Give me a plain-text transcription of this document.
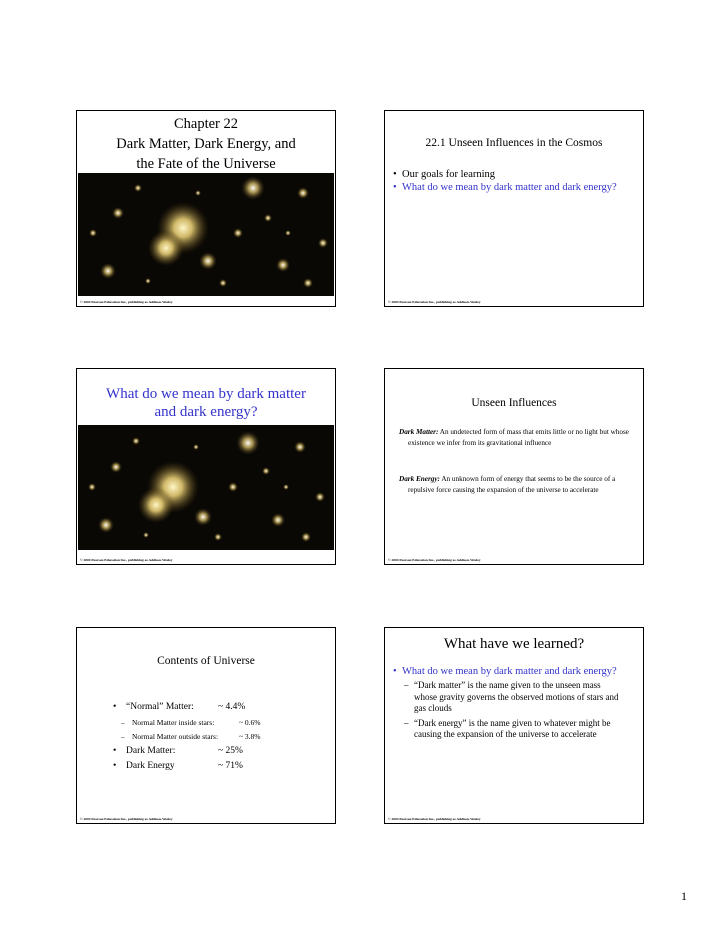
Chapter 22
Dark Matter, Dark Energy, and
the Fate of the Universe
© 2004 Pearson Education Inc., publishing as Addison-Wesley
22.1 Unseen Influences in the Cosmos
• Our goals for learning
• What do we mean by dark matter and dark energy?
© 2004 Pearson Education Inc., publishing as Addison-Wesley
What do we mean by dark matter
and dark energy?
© 2004 Pearson Education Inc., publishing as Addison-Wesley
Unseen Influences
Dark Matter: An undetected form of mass that emits little or no light but whose existence we infer from its gravitational influence
Dark Energy: An unknown form of energy that seems to be the source of a repulsive force causing the expansion of the universe to accelerate
© 2004 Pearson Education Inc., publishing as Addison-Wesley
Contents of Universe
•	“Normal” Matter:	~ 4.4%
– Normal Matter inside stars:	~ 0.6%
– Normal Matter outside stars:	~ 3.8%
•	Dark Matter:	~ 25%
•	Dark Energy	~ 71%
© 2004 Pearson Education Inc., publishing as Addison-Wesley
What have we learned?
• What do we mean by dark matter and dark energy?
– “Dark matter” is the name given to the unseen mass whose gravity governs the observed motions of stars and gas clouds
– “Dark energy” is the name given to whatever might be causing the expansion of the universe to accelerate
© 2004 Pearson Education Inc., publishing as Addison-Wesley
1
